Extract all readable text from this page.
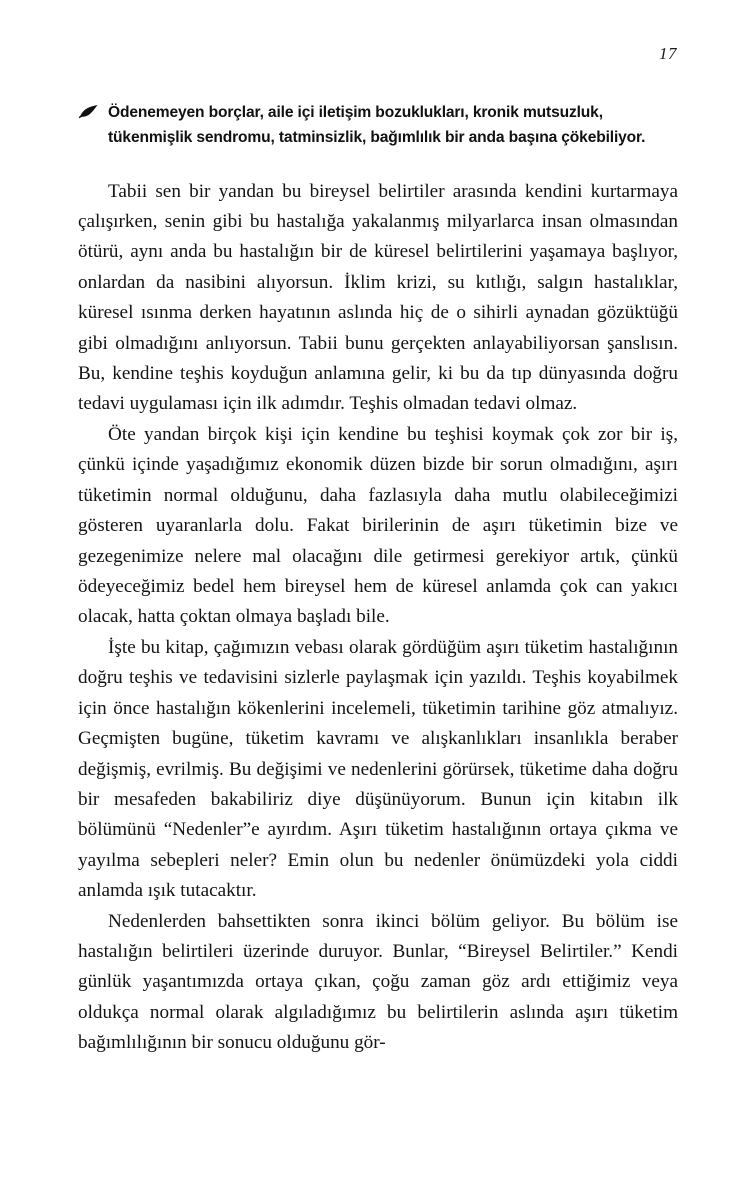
17
Ödenemeyen borçlar, aile içi iletişim bozuklukları, kronik mutsuzluk, tükenmişlik sendromu, tatminsizlik, bağımlılık bir anda başına çökebiliyor.

Tabii sen bir yandan bu bireysel belirtiler arasında kendini kurtarmaya çalışırken, senin gibi bu hastalığa yakalanmış milyarlarca insan olmasından ötürü, aynı anda bu hastalığın bir de küresel belirtilerini yaşamaya başlıyor, onlardan da nasibini alıyorsun. İklim krizi, su kıtlığı, salgın hastalıklar, küresel ısınma derken hayatının aslında hiç de o sihirli aynadan gözüktüğü gibi olmadığını anlıyorsun. Tabii bunu gerçekten anlayabiliyorsan şanslısın. Bu, kendine teşhis koyduğun anlamına gelir, ki bu da tıp dünyasında doğru tedavi uygulaması için ilk adımdır. Teşhis olmadan tedavi olmaz.

Öte yandan birçok kişi için kendine bu teşhisi koymak çok zor bir iş, çünkü içinde yaşadığımız ekonomik düzen bizde bir sorun olmadığını, aşırı tüketimin normal olduğunu, daha fazlasıyla daha mutlu olabileceğimizi gösteren uyaranlarla dolu. Fakat birilerinin de aşırı tüketimin bize ve gezegenimize nelere mal olacağını dile getirmesi gerekiyor artık, çünkü ödeyeceğimiz bedel hem bireysel hem de küresel anlamda çok can yakıcı olacak, hatta çoktan olmaya başladı bile.

İşte bu kitap, çağımızın vebası olarak gördüğüm aşırı tüketim hastalığının doğru teşhis ve tedavisini sizlerle paylaşmak için yazıldı. Teşhis koyabilmek için önce hastalığın kökenlerini incelemeli, tüketimin tarihine göz atmalıyız. Geçmişten bugüne, tüketim kavramı ve alışkanlıkları insanlıkla beraber değişmiş, evrilmiş. Bu değişimi ve nedenlerini görürsek, tüketime daha doğru bir mesafeden bakabiliriz diye düşünüyorum. Bunun için kitabın ilk bölümünü “Nedenler”e ayırdım. Aşırı tüketim hastalığının ortaya çıkma ve yayılma sebepleri neler? Emin olun bu nedenler önümüzdeki yola ciddi anlamda ışık tutacaktır.

Nedenlerden bahsettikten sonra ikinci bölüm geliyor. Bu bölüm ise hastalığın belirtileri üzerinde duruyor. Bunlar, “Bireysel Belirtiler.” Kendi günlük yaşantımızda ortaya çıkan, çoğu zaman göz ardı ettiğimiz veya oldukça normal olarak algıladığımız bu belirtilerin aslında aşırı tüketim bağımlılığının bir sonucu olduğunu gör-
